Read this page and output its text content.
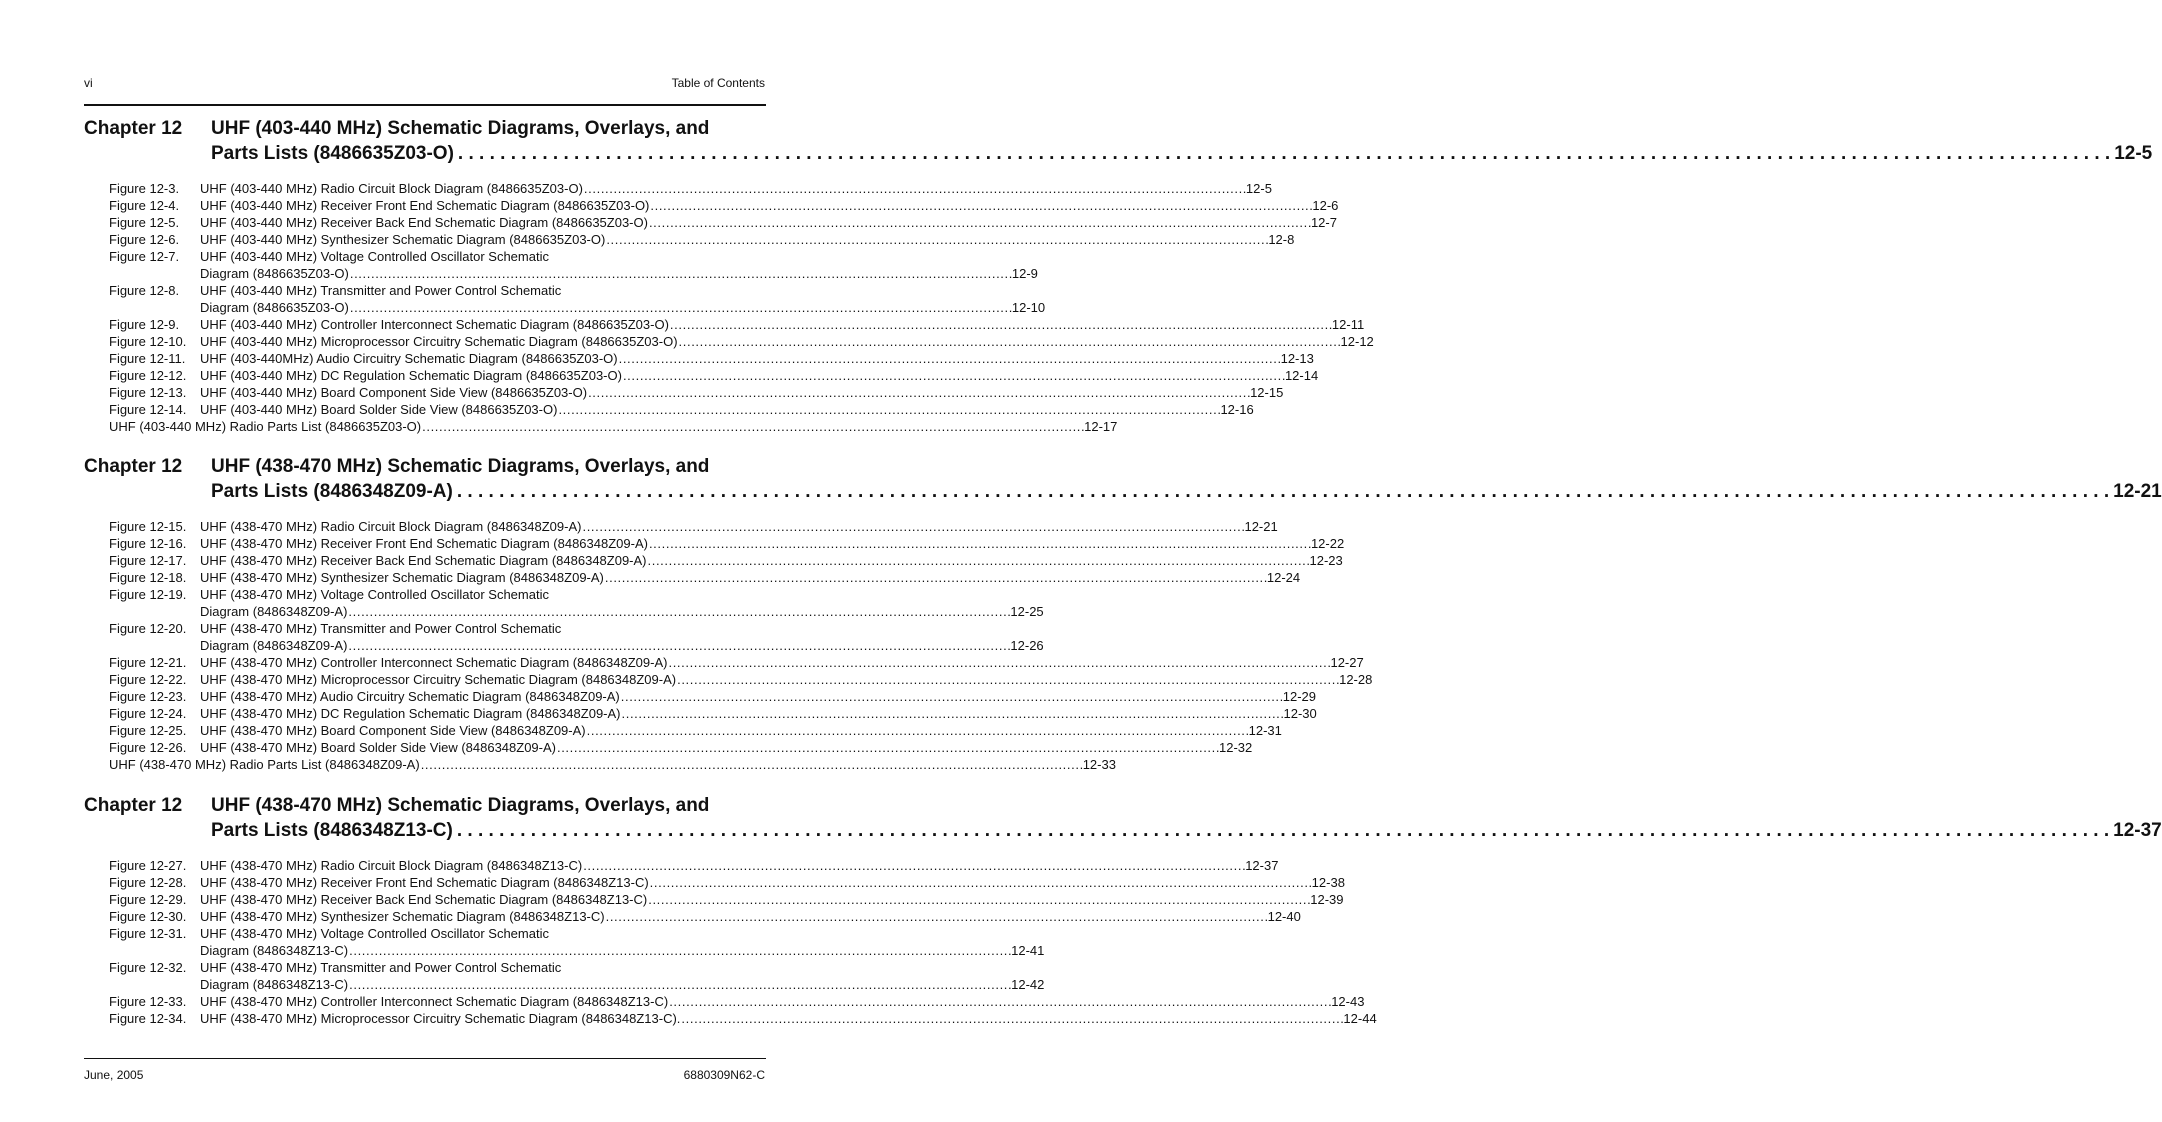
vi	Table of Contents
Chapter 12	UHF (403-440 MHz) Schematic Diagrams, Overlays, and
Parts Lists (8486635Z03-O) . . .	12-5
Figure 12-3.	UHF (403-440 MHz) Radio Circuit Block Diagram (8486635Z03-O) . . .	12-5
Figure 12-4.	UHF (403-440 MHz) Receiver Front End Schematic Diagram (8486635Z03-O) . . .	12-6
Figure 12-5.	UHF (403-440 MHz) Receiver Back End Schematic Diagram (8486635Z03-O) . . .	12-7
Figure 12-6.	UHF (403-440 MHz) Synthesizer Schematic Diagram (8486635Z03-O) . . .	12-8
Figure 12-7.	UHF (403-440 MHz) Voltage Controlled Oscillator Schematic
Diagram (8486635Z03-O) . . .	12-9
Figure 12-8.	UHF (403-440 MHz) Transmitter and Power Control Schematic
Diagram (8486635Z03-O) . . .	12-10
Figure 12-9.	UHF (403-440 MHz) Controller Interconnect Schematic Diagram (8486635Z03-O) . . .	12-11
Figure 12-10.	UHF (403-440 MHz) Microprocessor Circuitry Schematic Diagram (8486635Z03-O) . . .	12-12
Figure 12-11.	UHF (403-440MHz) Audio Circuitry Schematic Diagram (8486635Z03-O) . . .	12-13
Figure 12-12.	UHF (403-440 MHz) DC Regulation Schematic Diagram (8486635Z03-O) . . .	12-14
Figure 12-13.	UHF (403-440 MHz) Board Component Side View (8486635Z03-O) . . .	12-15
Figure 12-14.	UHF (403-440 MHz) Board Solder Side View (8486635Z03-O) . . .	12-16
UHF (403-440 MHz) Radio Parts List (8486635Z03-O) . . .	12-17
Chapter 12	UHF (438-470 MHz) Schematic Diagrams, Overlays, and
Parts Lists (8486348Z09-A) . . .	12-21
Figure 12-15.	UHF (438-470 MHz) Radio Circuit Block Diagram (8486348Z09-A) . . .	12-21
Figure 12-16.	UHF (438-470 MHz) Receiver Front End Schematic Diagram (8486348Z09-A) . . .	12-22
Figure 12-17.	UHF (438-470 MHz) Receiver Back End Schematic Diagram (8486348Z09-A) . . .	12-23
Figure 12-18.	UHF (438-470 MHz) Synthesizer Schematic Diagram (8486348Z09-A) . . .	12-24
Figure 12-19.	UHF (438-470 MHz) Voltage Controlled Oscillator Schematic
Diagram (8486348Z09-A) . . .	12-25
Figure 12-20.	UHF (438-470 MHz) Transmitter and Power Control Schematic
Diagram (8486348Z09-A) . . .	12-26
Figure 12-21.	UHF (438-470 MHz) Controller Interconnect Schematic Diagram (8486348Z09-A) . . .	12-27
Figure 12-22.	UHF (438-470 MHz) Microprocessor Circuitry Schematic Diagram (8486348Z09-A) . . .	12-28
Figure 12-23.	UHF (438-470 MHz) Audio Circuitry Schematic Diagram (8486348Z09-A) . . .	12-29
Figure 12-24.	UHF (438-470 MHz) DC Regulation Schematic Diagram (8486348Z09-A) . . .	12-30
Figure 12-25.	UHF (438-470 MHz) Board Component Side View (8486348Z09-A) . . .	12-31
Figure 12-26.	UHF (438-470 MHz) Board Solder Side View (8486348Z09-A) . . .	12-32
UHF (438-470 MHz) Radio Parts List (8486348Z09-A) . . .	12-33
Chapter 12	UHF (438-470 MHz) Schematic Diagrams, Overlays, and
Parts Lists (8486348Z13-C) . . .	12-37
Figure 12-27.	UHF (438-470 MHz) Radio Circuit Block Diagram (8486348Z13-C) . . .	12-37
Figure 12-28.	UHF (438-470 MHz) Receiver Front End Schematic Diagram (8486348Z13-C) . . .	12-38
Figure 12-29.	UHF (438-470 MHz) Receiver Back End Schematic Diagram (8486348Z13-C) . . .	12-39
Figure 12-30.	UHF (438-470 MHz) Synthesizer Schematic Diagram (8486348Z13-C) . . .	12-40
Figure 12-31.	UHF (438-470 MHz) Voltage Controlled Oscillator Schematic
Diagram (8486348Z13-C) . . .	12-41
Figure 12-32.	UHF (438-470 MHz) Transmitter and Power Control Schematic
Diagram (8486348Z13-C) . . .	12-42
Figure 12-33.	UHF (438-470 MHz) Controller Interconnect Schematic Diagram (8486348Z13-C) . . .	12-43
Figure 12-34.	UHF (438-470 MHz) Microprocessor Circuitry Schematic Diagram (8486348Z13-C). . . .	12-44
June, 2005	6880309N62-C
